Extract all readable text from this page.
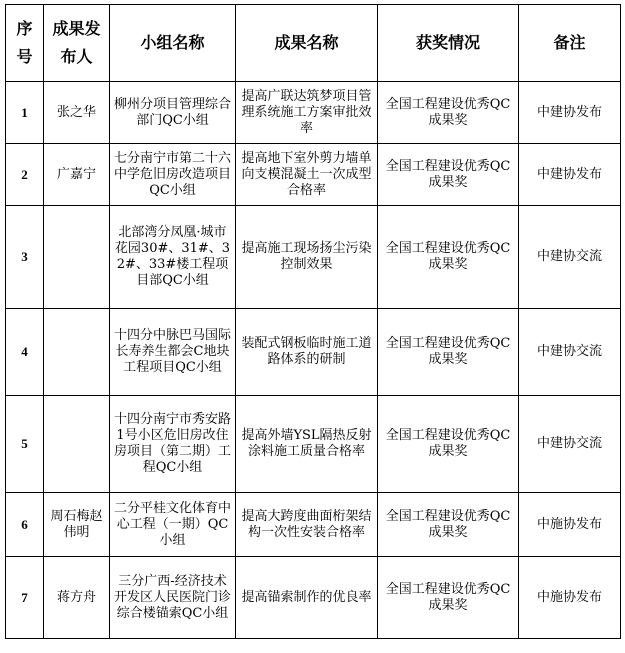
序号	成果发布人	小组名称	成果名称	获奖情况	备注
1	张之华	柳州分项目管理综合部门QC小组	提高广联达筑梦项目管理系统施工方案审批效率	全国工程建设优秀QC成果奖	中建协发布
2	广嘉宁	七分南宁市第二十六中学危旧房改造项目QC小组	提高地下室外剪力墙单向支模混凝土一次成型合格率	全国工程建设优秀QC成果奖	中建协发布
3		北部湾分凤凰·城市花园30#、31#、32#、33#楼工程项目部QC小组	提高施工现场扬尘污染控制效果	全国工程建设优秀QC成果奖	中建协交流
4		十四分中脉巴马国际长寿养生都会C地块工程项目QC小组	装配式钢板临时施工道路体系的研制	全国工程建设优秀QC成果奖	中建协交流
5		十四分南宁市秀安路1号小区危旧房改住房项目（第二期）工程QC小组	提高外墙YSL隔热反射涂料施工质量合格率	全国工程建设优秀QC成果奖	中建协交流
6	周石梅赵伟明	二分平桂文化体育中心工程（一期）QC小组	提高大跨度曲面桁架结构一次性安装合格率	全国工程建设优秀QC成果奖	中施协发布
7	蒋方舟	三分广西-经济技术开发区人民医院门诊综合楼锚索QC小组	提高锚索制作的优良率	全国工程建设优秀QC成果奖	中施协发布
